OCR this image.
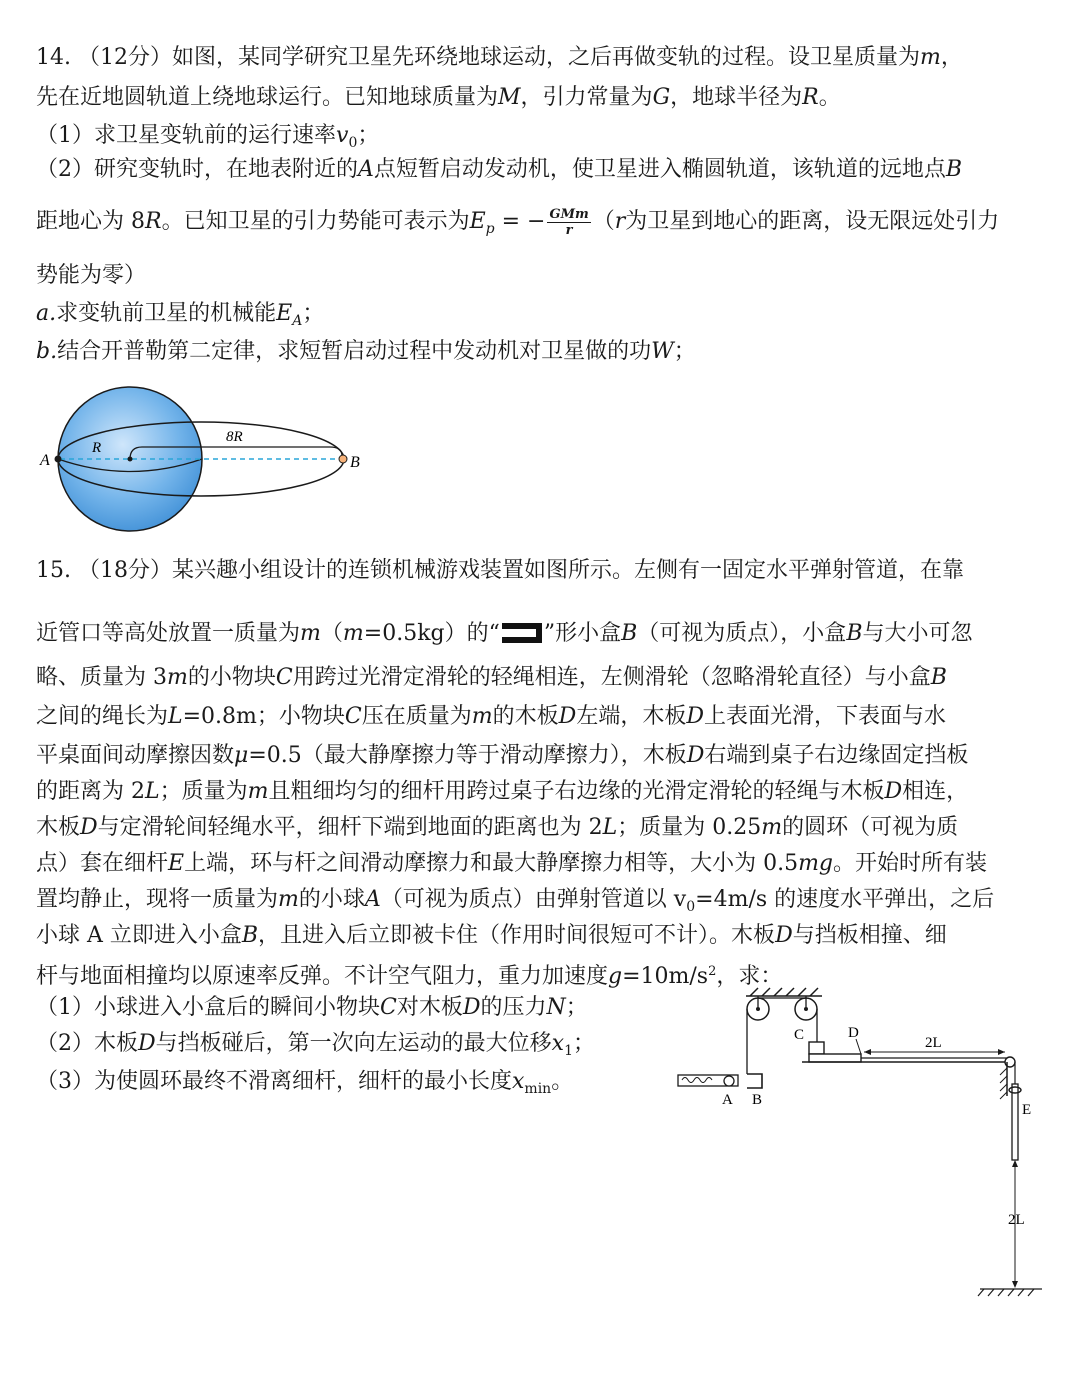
14. （12分）如图，某同学研究卫星先环绕地球运动，之后再做变轨的过程。设卫星质量为m，
先在近地圆轨道上绕地球运行。已知地球质量为M，引力常量为G，地球半径为R。
（1）求卫星变轨前的运行速率$v_0$；
（2）研究变轨时，在地表附近的A点短暂启动发动机，使卫星进入椭圆轨道，该轨道的远地点B
距地心为 8R。已知卫星的引力势能可表示为$E_p$ = − $\frac{\text{GMm}}{r} (r$为卫星到地心的距离，设无限远处引力
势能为零）
a.求变轨前卫星的机械能$E_A$；
b.结合开普勒第二定律，求短暂启动过程中发动机对卫星做的功W；
A	B
R
8R
15. （18分）某兴趣小组设计的连锁机械游戏装置如图所示。左侧有一固定水平弹射管道，在靠
近管口等高处放置一质量为m（m=0.5kg）的“ ”形小盒B（可视为质点），小盒B与大小可忽
略、质量为 3m的小物块C用跨过光滑定滑轮的轻绳相连，左侧滑轮（忽略滑轮直径）与小盒B
之间的绳长为L=0.8m；小物块C压在质量为m的木板D左端，木板D上表面光滑，下表面与水
平桌面间动摩擦因数μ=0.5（最大静摩擦力等于滑动摩擦力），木板D右端到桌子右边缘固定挡板
的距离为 2L；质量为m且粗细均匀的细杆用跨过桌子右边缘的光滑定滑轮的轻绳与木板D相连，
木板D与定滑轮间轻绳水平，细杆下端到地面的距离也为 2L；质量为 0.25m的圆环（可视为质
点）套在细杆E上端，环与杆之间滑动摩擦力和最大静摩擦力相等，大小为 0.5mg。开始时所有装
置均静止，现将一质量为m的小球A（可视为质点）由弹射管道以 $v_0=4m/s$ 的速度水平弹出，之后
小球 A 立即进入小盒B，且进入后立即被卡住（作用时间很短可不计）。木板D与挡板相撞、细
杆与地面相撞均以原速率反弹。不计空气阻力，重力加速度$g=10m/s^2$，求：
（1）小球进入小盒后的瞬间小物块C对木板D的压力N；
（2）木板D与挡板碰后，第一次向左运动的最大位移$x_1$；
（3）为使圆环最终不滑离细杆，细杆的最小长度$x_{min}$。
A B
C	D
2L
E
2L
